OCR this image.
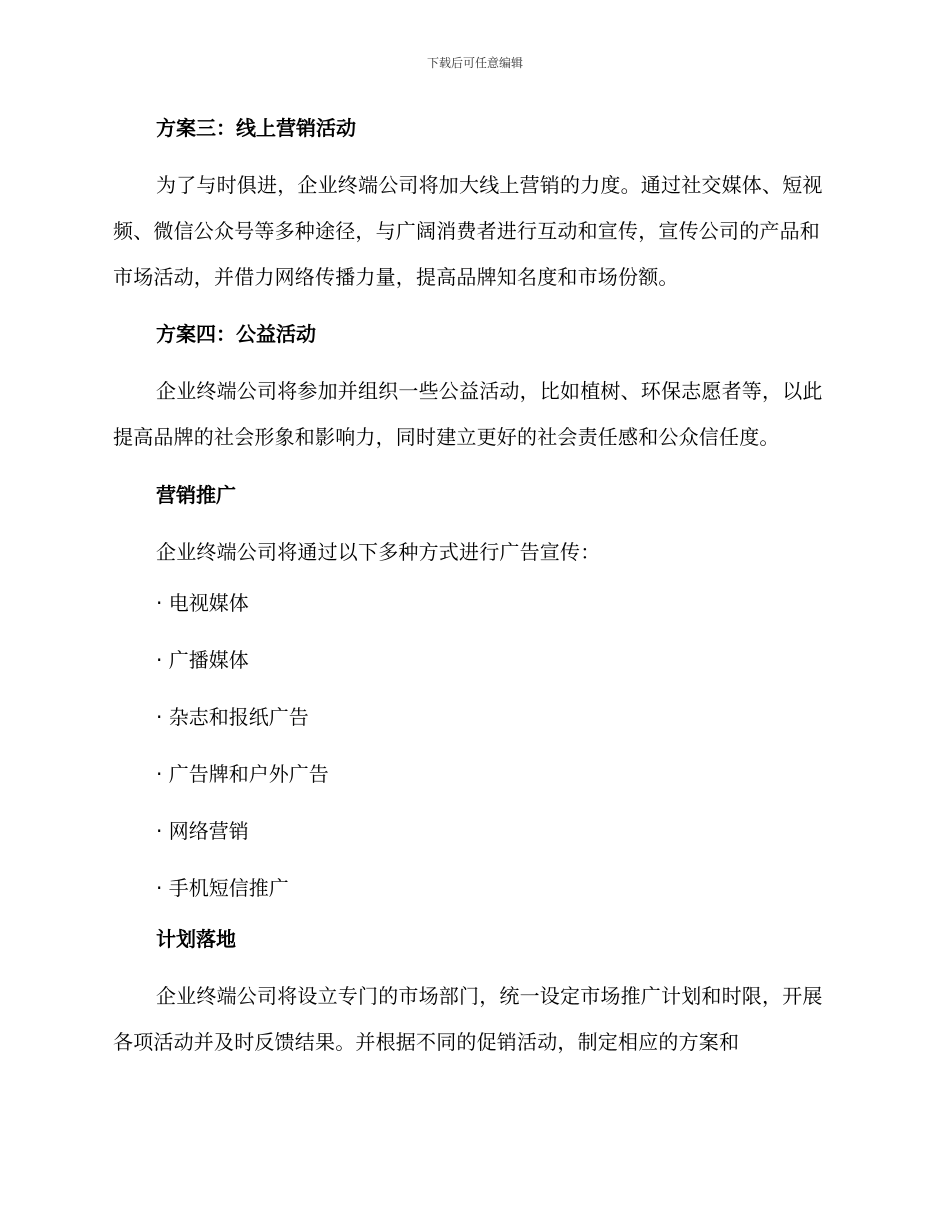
下载后可任意编辑
方案三：线上营销活动

为了与时俱进，企业终端公司将加大线上营销的力度。通过社交媒体、短视频、微信公众号等多种途径，与广阔消费者进行互动和宣传，宣传公司的产品和市场活动，并借力网络传播力量，提高品牌知名度和市场份额。

方案四：公益活动

企业终端公司将参加并组织一些公益活动，比如植树、环保志愿者等，以此提高品牌的社会形象和影响力，同时建立更好的社会责任感和公众信任度。

营销推广

企业终端公司将通过以下多种方式进行广告宣传：

· 电视媒体

· 广播媒体

· 杂志和报纸广告

· 广告牌和户外广告

· 网络营销

· 手机短信推广

计划落地

企业终端公司将设立专门的市场部门，统一设定市场推广计划和时限，开展各项活动并及时反馈结果。并根据不同的促销活动，制定相应的方案和
